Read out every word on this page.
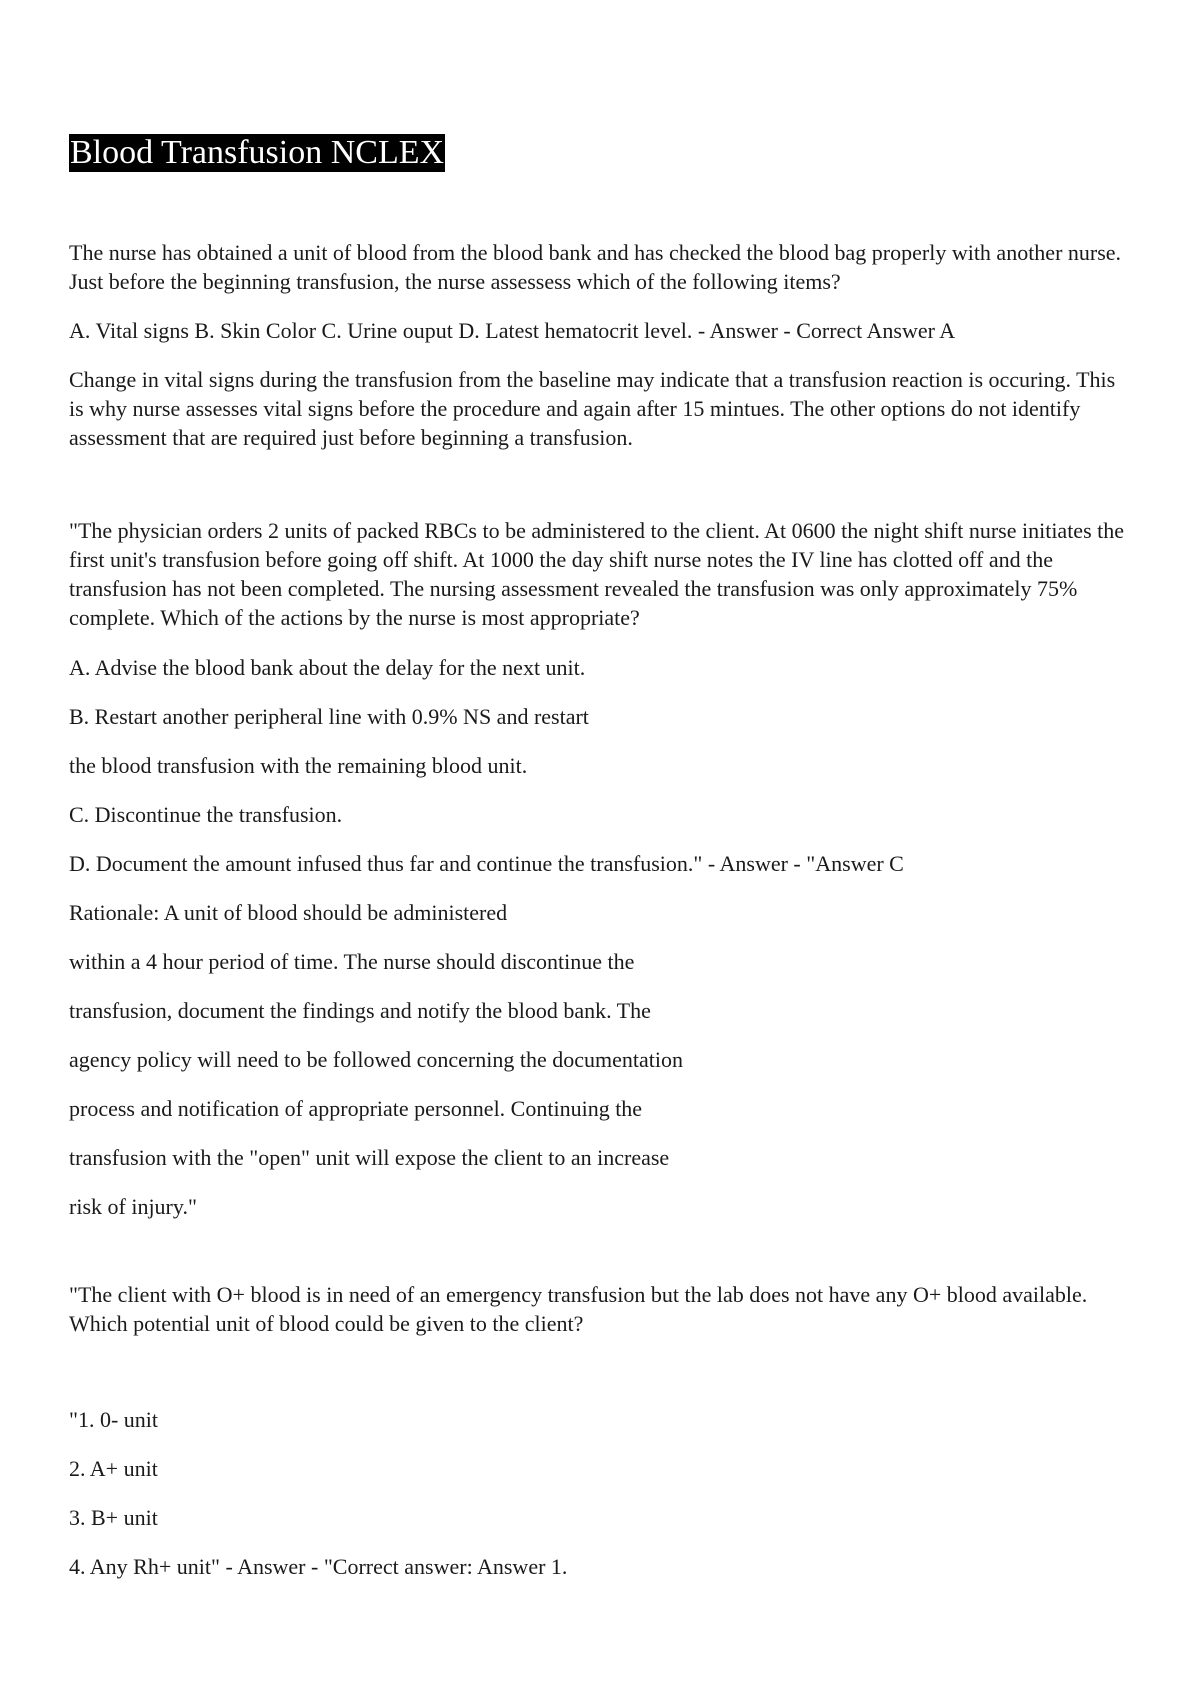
Blood Transfusion NCLEX

The nurse has obtained a unit of blood from the blood bank and has checked the blood bag properly with another nurse. Just before the beginning transfusion, the nurse assessess which of the following items?

A. Vital signs B. Skin Color C. Urine ouput D. Latest hematocrit level. - Answer - Correct Answer A

Change in vital signs during the transfusion from the baseline may indicate that a transfusion reaction is occuring. This is why nurse assesses vital signs before the procedure and again after 15 mintues. The other options do not identify assessment that are required just before beginning a transfusion.

"The physician orders 2 units of packed RBCs to be administered to the client. At 0600 the night shift nurse initiates the first unit's transfusion before going off shift. At 1000 the day shift nurse notes the IV line has clotted off and the transfusion has not been completed. The nursing assessment revealed the transfusion was only approximately 75% complete. Which of the actions by the nurse is most appropriate?

A. Advise the blood bank about the delay for the next unit.

B. Restart another peripheral line with 0.9% NS and restart

the blood transfusion with the remaining blood unit.

C. Discontinue the transfusion.

D. Document the amount infused thus far and continue the transfusion." - Answer - "Answer C

Rationale: A unit of blood should be administered

within a 4 hour period of time. The nurse should discontinue the

transfusion, document the findings and notify the blood bank. The

agency policy will need to be followed concerning the documentation

process and notification of appropriate personnel. Continuing the

transfusion with the "open" unit will expose the client to an increase

risk of injury."

"The client with O+ blood is in need of an emergency transfusion but the lab does not have any O+ blood available. Which potential unit of blood could be given to the client?

"1. 0- unit

2. A+ unit

3. B+ unit

4. Any Rh+ unit" - Answer - "Correct answer: Answer 1.
